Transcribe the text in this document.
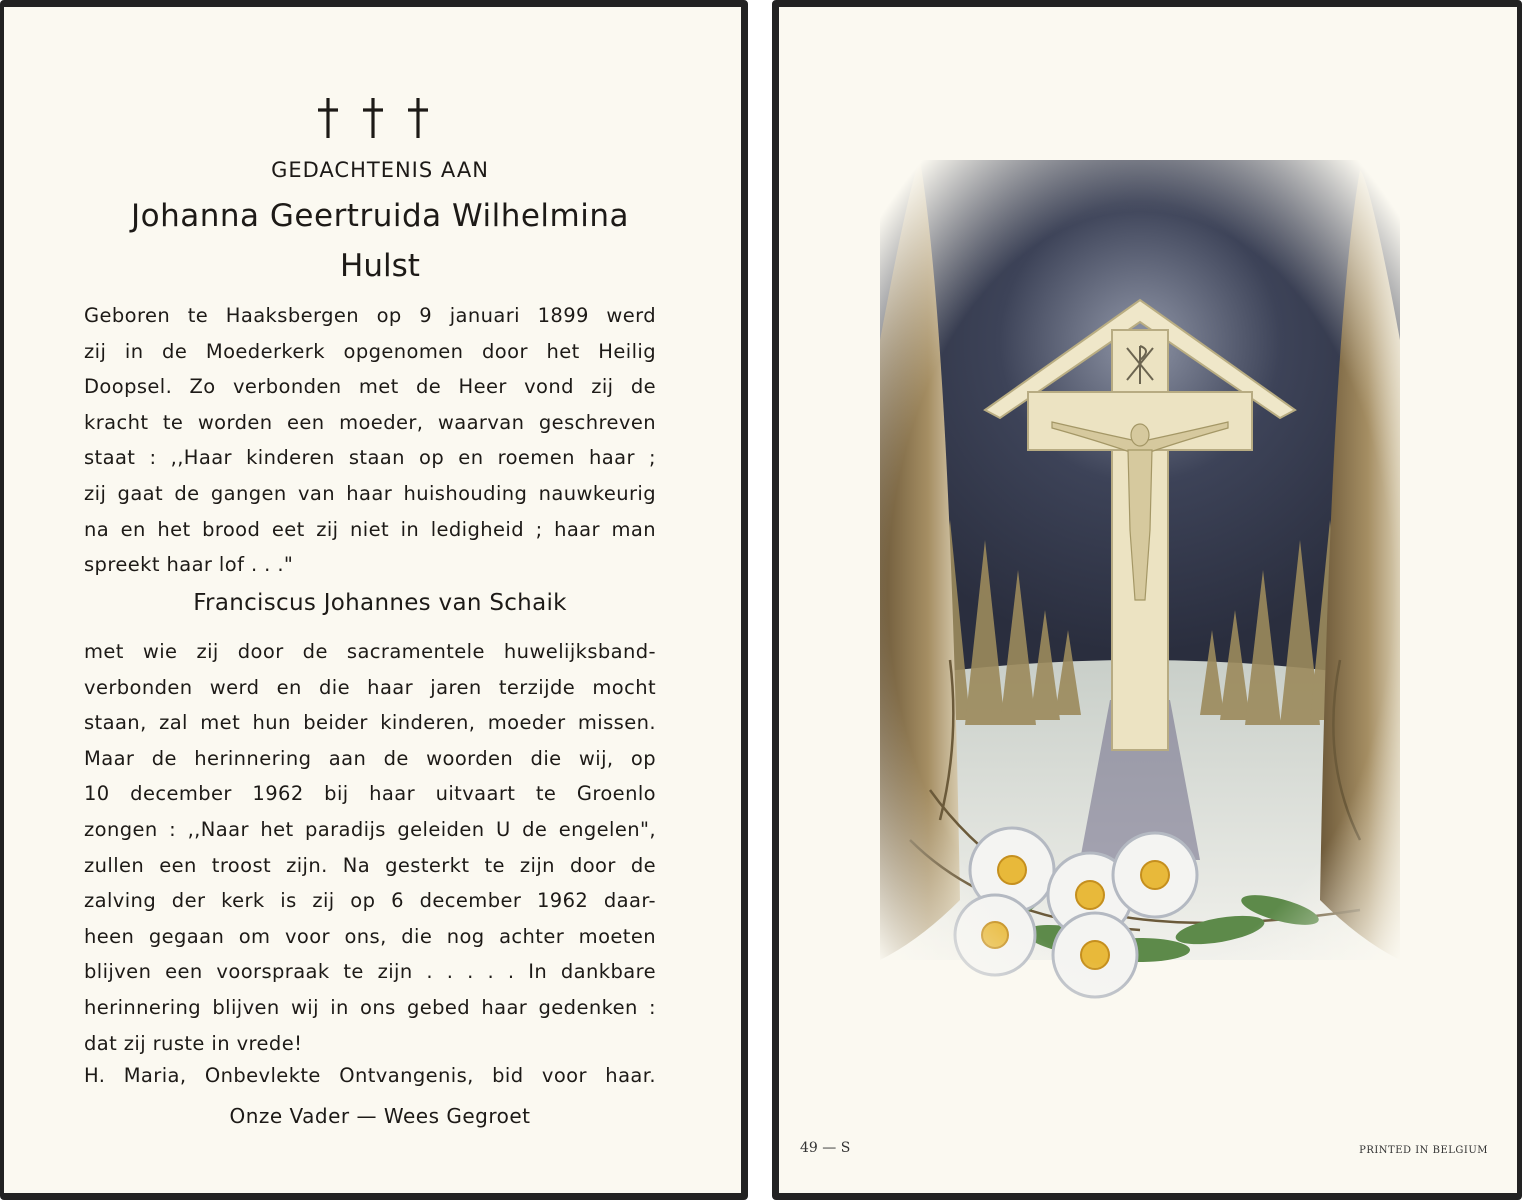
GEDACHTENIS AAN
Johanna Geertruida Wilhelmina
Hulst
Geboren te Haaksbergen op 9 januari 1899 werd
zij in de Moederkerk opgenomen door het Heilig
Doopsel. Zo verbonden met de Heer vond zij de
kracht te worden een moeder, waarvan geschreven
staat : ,,Haar kinderen staan op en roemen haar ;
zij gaat de gangen van haar huishouding nauwkeurig
na en het brood eet zij niet in ledigheid ; haar man
spreekt haar lof . . ."
Franciscus Johannes van Schaik
met wie zij door de sacramentele huwelijksband-
verbonden werd en die haar jaren terzijde mocht
staan, zal met hun beider kinderen, moeder missen.
Maar de herinnering aan de woorden die wij, op
10 december 1962 bij haar uitvaart te Groenlo
zongen : ,,Naar het paradijs geleiden U de engelen",
zullen een troost zijn. Na gesterkt te zijn door de
zalving der kerk is zij op 6 december 1962 daar-
heen gegaan om voor ons, die nog achter moeten
blijven een voorspraak te zijn . . . . . In dankbare
herinnering blijven wij in ons gebed haar gedenken :
dat zij ruste in vrede!
H. Maria, Onbevlekte Ontvangenis, bid voor haar.
Onze Vader — Wees Gegroet
49 — S	PRINTED IN BELGIUM
